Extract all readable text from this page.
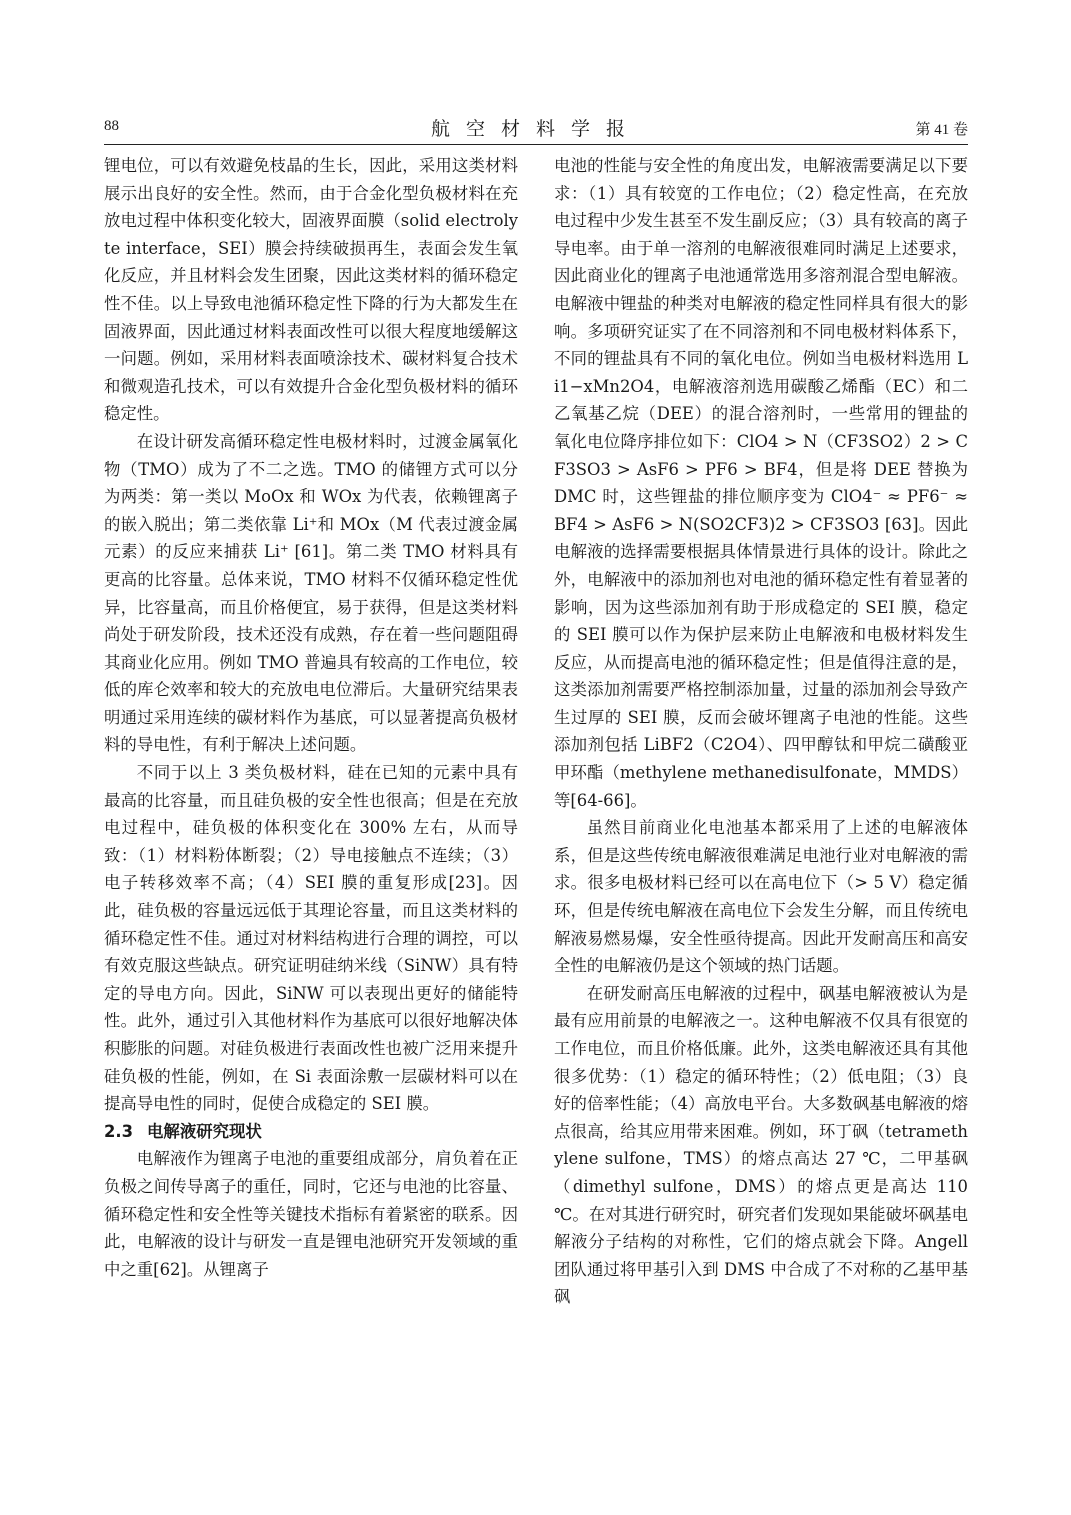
88	航空材料学报	第 41 卷

锂电位，可以有效避免枝晶的生长，因此，采用这类材料展示出良好的安全性。然而，由于合金化型负极材料在充放电过程中体积变化较大，固液界面膜（solid electrolyte interface，SEI）膜会持续破损再生，表面会发生氧化反应，并且材料会发生团聚，因此这类材料的循环稳定性不佳。以上导致电池循环稳定性下降的行为大都发生在固液界面，因此通过材料表面改性可以很大程度地缓解这一问题。例如，采用材料表面喷涂技术、碳材料复合技术和微观造孔技术，可以有效提升合金化型负极材料的循环稳定性。

在设计研发高循环稳定性电极材料时，过渡金属氧化物（TMO）成为了不二之选。TMO 的储锂方式可以分为两类：第一类以 MoOx 和 WOx 为代表，依赖锂离子的嵌入脱出；第二类依靠 Li⁺和 MOx（M 代表过渡金属元素）的反应来捕获 Li⁺ [61]。第二类 TMO 材料具有更高的比容量。总体来说，TMO 材料不仅循环稳定性优异，比容量高，而且价格便宜，易于获得，但是这类材料尚处于研发阶段，技术还没有成熟，存在着一些问题阻碍其商业化应用。例如 TMO 普遍具有较高的工作电位，较低的库仑效率和较大的充放电电位滞后。大量研究结果表明通过采用连续的碳材料作为基底，可以显著提高负极材料的导电性，有利于解决上述问题。

不同于以上 3 类负极材料，硅在已知的元素中具有最高的比容量，而且硅负极的安全性也很高；但是在充放电过程中，硅负极的体积变化在 300% 左右，从而导致：（1）材料粉体断裂；（2）导电接触点不连续；（3）电子转移效率不高；（4）SEI 膜的重复形成[23]。因此，硅负极的容量远远低于其理论容量，而且这类材料的循环稳定性不佳。通过对材料结构进行合理的调控，可以有效克服这些缺点。研究证明硅纳米线（SiNW）具有特定的导电方向。因此，SiNW 可以表现出更好的储能特性。此外，通过引入其他材料作为基底可以很好地解决体积膨胀的问题。对硅负极进行表面改性也被广泛用来提升硅负极的性能，例如，在 Si 表面涂敷一层碳材料可以在提高导电性的同时，促使合成稳定的 SEI 膜。

2.3 电解液研究现状

电解液作为锂离子电池的重要组成部分，肩负着在正负极之间传导离子的重任，同时，它还与电池的比容量、循环稳定性和安全性等关键技术指标有着紧密的联系。因此，电解液的设计与研发一直是锂电池研究开发领域的重中之重[62]。从锂离子

电池的性能与安全性的角度出发，电解液需要满足以下要求：（1）具有较宽的工作电位；（2）稳定性高，在充放电过程中少发生甚至不发生副反应；（3）具有较高的离子导电率。由于单一溶剂的电解液很难同时满足上述要求，因此商业化的锂离子电池通常选用多溶剂混合型电解液。电解液中锂盐的种类对电解液的稳定性同样具有很大的影响。多项研究证实了在不同溶剂和不同电极材料体系下，不同的锂盐具有不同的氧化电位。例如当电极材料选用 Li1−xMn2O4，电解液溶剂选用碳酸乙烯酯（EC）和二乙氧基乙烷（DEE）的混合溶剂时，一些常用的锂盐的氧化电位降序排位如下：ClO4 > N（CF3SO2）2 > CF3SO3 > AsF6 > PF6 > BF4，但是将 DEE 替换为 DMC 时，这些锂盐的排位顺序变为 ClO4⁻ ≈ PF6⁻ ≈ BF4 > AsF6 > N(SO2CF3)2 > CF3SO3 [63]。因此电解液的选择需要根据具体情景进行具体的设计。除此之外，电解液中的添加剂也对电池的循环稳定性有着显著的影响，因为这些添加剂有助于形成稳定的 SEI 膜，稳定的 SEI 膜可以作为保护层来防止电解液和电极材料发生反应，从而提高电池的循环稳定性；但是值得注意的是，这类添加剂需要严格控制添加量，过量的添加剂会导致产生过厚的 SEI 膜，反而会破坏锂离子电池的性能。这些添加剂包括 LiBF2（C2O4）、四甲醇钛和甲烷二磺酸亚甲环酯（methylene methanedisulfonate，MMDS）等[64-66]。

虽然目前商业化电池基本都采用了上述的电解液体系，但是这些传统电解液很难满足电池行业对电解液的需求。很多电极材料已经可以在高电位下（> 5 V）稳定循环，但是传统电解液在高电位下会发生分解，而且传统电解液易燃易爆，安全性亟待提高。因此开发耐高压和高安全性的电解液仍是这个领域的热门话题。

在研发耐高压电解液的过程中，砜基电解液被认为是最有应用前景的电解液之一。这种电解液不仅具有很宽的工作电位，而且价格低廉。此外，这类电解液还具有其他很多优势：（1）稳定的循环特性；（2）低电阻；（3）良好的倍率性能；（4）高放电平台。大多数砜基电解液的熔点很高，给其应用带来困难。例如，环丁砜（tetramethylene sulfone，TMS）的熔点高达 27 ℃，二甲基砜（dimethyl sulfone，DMS）的熔点更是高达 110 ℃。在对其进行研究时，研究者们发现如果能破坏砜基电解液分子结构的对称性，它们的熔点就会下降。Angell 团队通过将甲基引入到 DMS 中合成了不对称的乙基甲基砜
